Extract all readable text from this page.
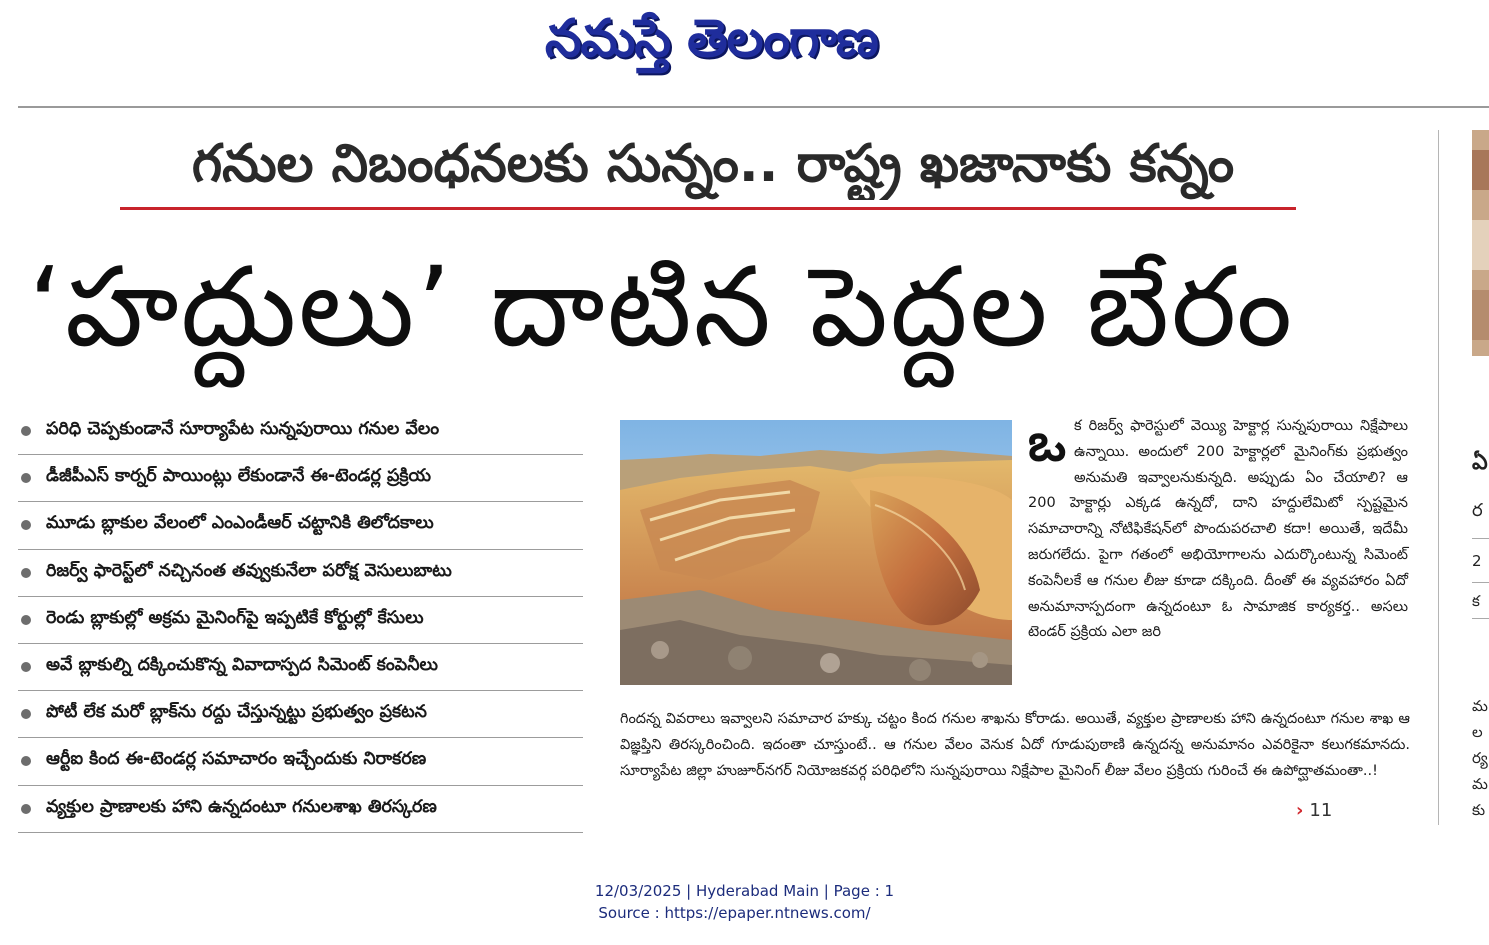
నమస్తే తెలంగాణ
గనుల నిబంధనలకు సున్నం.. రాష్ట్ర ఖజానాకు కన్నం
‘హద్దులు’ దాటిన పెద్దల బేరం
పరిధి చెప్పకుండానే సూర్యాపేట సున్నపురాయి గనుల వేలం
డీజీపీఎస్ కార్నర్ పాయింట్లు లేకుండానే ఈ-టెండర్ల ప్రక్రియ
మూడు బ్లాకుల వేలంలో ఎంఎండీఆర్ చట్టానికి తిలోదకాలు
రిజర్వ్ ఫారెస్ట్‌లో నచ్చినంత తవ్వుకునేలా పరోక్ష వెసులుబాటు
రెండు బ్లాకుల్లో అక్రమ మైనింగ్‌పై ఇప్పటికే కోర్టుల్లో కేసులు
అవే బ్లాకుల్ని దక్కించుకొన్న వివాదాస్పద సిమెంట్ కంపెనీలు
పోటీ లేక మరో బ్లాక్‌ను రద్దు చేస్తున్నట్టు ప్రభుత్వం ప్రకటన
ఆర్టీఐ కింద ఈ-టెండర్ల సమాచారం ఇచ్చేందుకు నిరాకరణ
వ్యక్తుల ప్రాణాలకు హాని ఉన్నదంటూ గనులశాఖ తిరస్కరణ
ఒ క రిజర్వ్ ఫారెస్టులో వెయ్యి హెక్టార్ల సున్నపురాయి నిక్షేపాలు ఉన్నాయి. అందులో 200 హెక్టార్లలో మైనింగ్‌కు ప్రభుత్వం అనుమతి ఇవ్వాలనుకున్నది. అప్పుడు ఏం చేయాలి? ఆ 200 హెక్టార్లు ఎక్కడ ఉన్నదో, దాని హద్దులేమిటో స్పష్టమైన సమాచారాన్ని నోటిఫికేషన్‌లో పొందుపరచాలి కదా! అయితే, ఇదేమీ జరుగలేదు. పైగా గతంలో అభియోగాలను ఎదుర్కొంటున్న సిమెంట్ కంపెనీలకే ఆ గనుల లీజు కూడా దక్కింది. దీంతో ఈ వ్యవహారం ఏదో అనుమానాస్పదంగా ఉన్నదంటూ ఓ సామాజిక కార్యకర్త.. అసలు టెండర్ ప్రక్రియ ఎలా జరి

గిందన్న వివరాలు ఇవ్వాలని సమాచార హక్కు చట్టం కింద గనుల శాఖను కోరాడు. అయితే, వ్యక్తుల ప్రాణాలకు హాని ఉన్నదంటూ గనుల శాఖ ఆ విజ్ఞప్తిని తిరస్కరించింది. ఇదంతా చూస్తుంటే.. ఆ గనుల వేలం వెనుక ఏదో గూడుపుఠాణి ఉన్నదన్న అనుమానం ఎవరికైనా కలుగకమానదు. సూర్యాపేట జిల్లా హుజూర్‌నగర్ నియోజకవర్గ పరిధిలోని సున్నపురాయి నిక్షేపాల మైనింగ్ లీజు వేలం ప్రక్రియ గురించే ఈ ఉపోద్ఘాతమంతా..!
› 11
ఏ
ర
2
క
మ
ల
ర్య
మ
కు
12/03/2025 | Hyderabad Main | Page : 1
Source : https://epaper.ntnews.com/
